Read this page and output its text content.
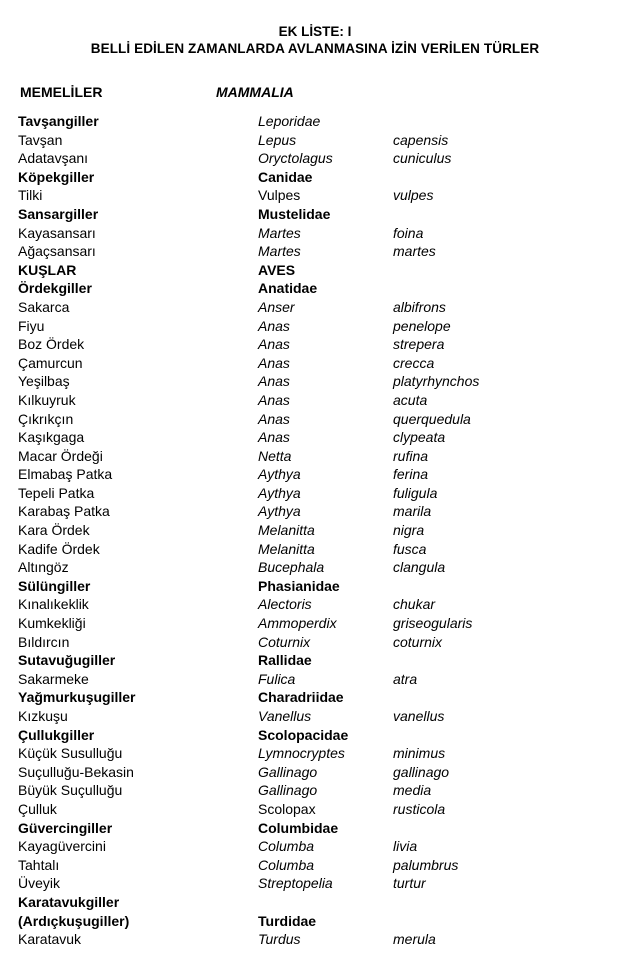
EK LİSTE: I
BELLİ EDİLEN ZAMANLARDA AVLANMASINA İZİN VERİLEN TÜRLER
MEMELİLER	MAMMALIA
Tavşangiller	Leporidae
Tavşan	Lepus	capensis
Adatavşanı	Oryctolagus	cuniculus
Köpekgiller	Canidae
Tilki	Vulpes	vulpes
Sansargiller	Mustelidae
Kayasansarı	Martes	foina
Ağaçsansarı	Martes	martes
KUŞLAR	AVES
Ördekgiller	Anatidae
Sakarca	Anser	albifrons
Fiyu	Anas	penelope
Boz Ördek	Anas	strepera
Çamurcun	Anas	crecca
Yeşilbaş	Anas	platyrhynchos
Kılkuyruk	Anas	acuta
Çıkrıkçın	Anas	querquedula
Kaşıkgaga	Anas	clypeata
Macar Ördeği	Netta	rufina
Elmabaş Patka	Aythya	ferina
Tepeli Patka	Aythya	fuligula
Karabaş Patka	Aythya	marila
Kara Ördek	Melanitta	nigra
Kadife Ördek	Melanitta	fusca
Altıngöz	Bucephala	clangula
Sülüngiller	Phasianidae
Kınalıkeklik	Alectoris	chukar
Kumkekliği	Ammoperdix	griseogularis
Bıldırcın	Coturnix	coturnix
Sutavuğugiller	Rallidae
Sakarmeke	Fulica	atra
Yağmurkuşugiller	Charadriidae
Kızkuşu	Vanellus	vanellus
Çullukgiller	Scolopacidae
Küçük Susulluğu	Lymnocryptes	minimus
Suçulluğu-Bekasin	Gallinago	gallinago
Büyük Suçulluğu	Gallinago	media
Çulluk	Scolopax	rusticola
Güvercingiller	Columbidae
Kayagüvercini	Columba	livia
Tahtalı	Columba	palumbrus
Üveyik	Streptopelia	turtur
Karatavukgiller
(Ardıçkuşugiller)	Turdidae
Karatavuk	Turdus	merula
